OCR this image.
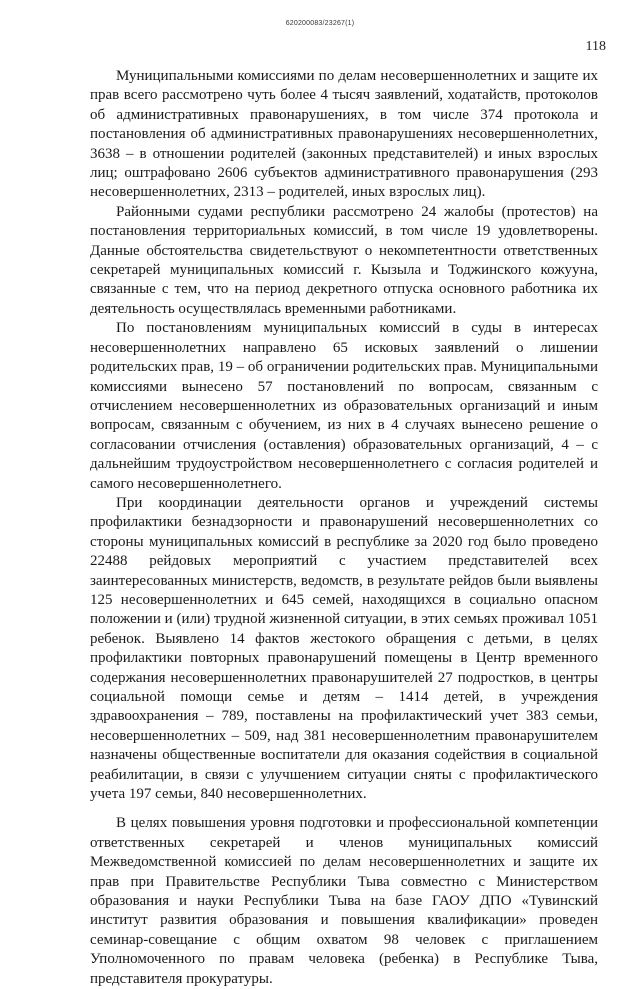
620200083/23267(1)
118

Муниципальными комиссиями по делам несовершеннолетних и защите их прав всего рассмотрено чуть более 4 тысяч заявлений, ходатайств, протоколов об административных правонарушениях, в том числе 374 протокола и постановления об административных правонарушениях несовершеннолетних, 3638 – в отношении родителей (законных представителей) и иных взрослых лиц; оштрафовано 2606 субъектов административного правонарушения (293 несовершеннолетних, 2313 – родителей, иных взрослых лиц).

Районными судами республики рассмотрено 24 жалобы (протестов) на постановления территориальных комиссий, в том числе 19 удовлетворены. Данные обстоятельства свидетельствуют о некомпетентности ответственных секретарей муниципальных комиссий г. Кызыла и Тоджинского кожууна, связанные с тем, что на период декретного отпуска основного работника их деятельность осуществлялась временными работниками.

По постановлениям муниципальных комиссий в суды в интересах несовершеннолетних направлено 65 исковых заявлений о лишении родительских прав, 19 – об ограничении родительских прав. Муниципальными комиссиями вынесено 57 постановлений по вопросам, связанным с отчислением несовершеннолетних из образовательных организаций и иным вопросам, связанным с обучением, из них в 4 случаях вынесено решение о согласовании отчисления (оставления) образовательных организаций, 4 – с дальнейшим трудоустройством несовершеннолетнего с согласия родителей и самого несовершеннолетнего.

При координации деятельности органов и учреждений системы профилактики безнадзорности и правонарушений несовершеннолетних со стороны муниципальных комиссий в республике за 2020 год было проведено 22488 рейдовых мероприятий с участием представителей всех заинтересованных министерств, ведомств, в результате рейдов были выявлены 125 несовершеннолетних и 645 семей, находящихся в социально опасном положении и (или) трудной жизненной ситуации, в этих семьях проживал 1051 ребенок. Выявлено 14 фактов жестокого обращения с детьми, в целях профилактики повторных правонарушений помещены в Центр временного содержания несовершеннолетних правонарушителей 27 подростков, в центры социальной помощи семье и детям – 1414 детей, в учреждения здравоохранения – 789, поставлены на профилактический учет 383 семьи, несовершеннолетних – 509, над 381 несовершеннолетним правонарушителем назначены общественные воспитатели для оказания содействия в социальной реабилитации, в связи с улучшением ситуации сняты с профилактического учета 197 семьи, 840 несовершеннолетних.

В целях повышения уровня подготовки и профессиональной компетенции ответственных секретарей и членов муниципальных комиссий Межведомственной комиссией по делам несовершеннолетних и защите их прав при Правительстве Республики Тыва совместно с Министерством образования и науки Республики Тыва на базе ГАОУ ДПО «Тувинский институт развития образования и повышения квалификации» проведен семинар-совещание с общим охватом 98 человек с приглашением Уполномоченного по правам человека (ребенка) в Республике Тыва, представителя прокуратуры.
